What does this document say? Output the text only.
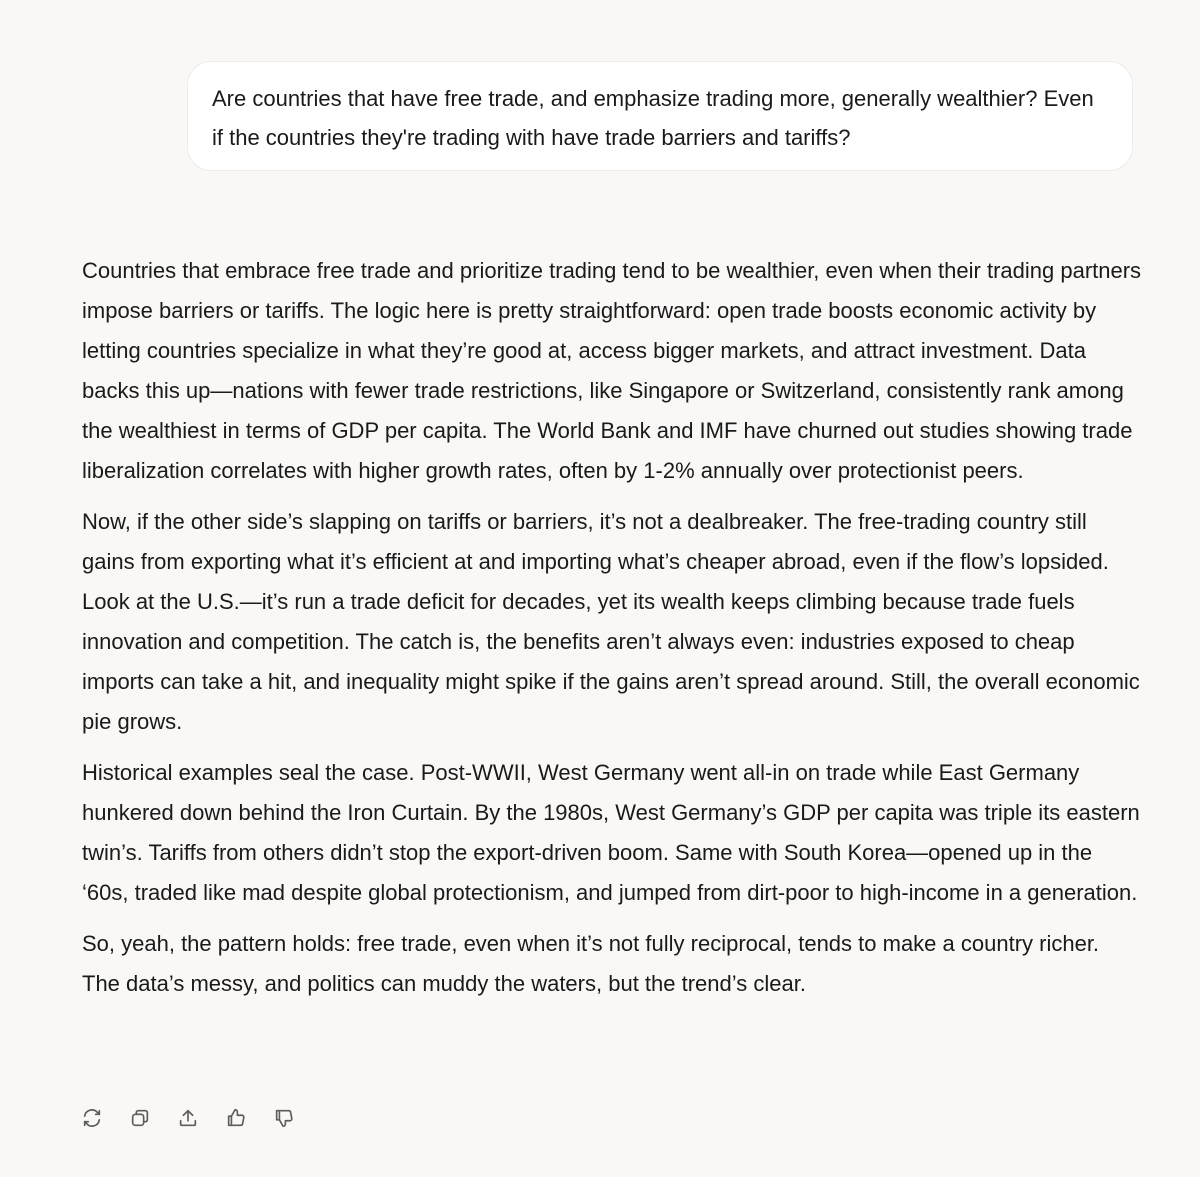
Are countries that have free trade, and emphasize trading more, generally wealthier? Even if the countries they're trading with have trade barriers and tariffs?

Countries that embrace free trade and prioritize trading tend to be wealthier, even when their trading partners impose barriers or tariffs. The logic here is pretty straightforward: open trade boosts economic activity by letting countries specialize in what they’re good at, access bigger markets, and attract investment. Data backs this up—nations with fewer trade restrictions, like Singapore or Switzerland, consistently rank among the wealthiest in terms of GDP per capita. The World Bank and IMF have churned out studies showing trade liberalization correlates with higher growth rates, often by 1-2% annually over protectionist peers.

Now, if the other side’s slapping on tariffs or barriers, it’s not a dealbreaker. The free-trading country still gains from exporting what it’s efficient at and importing what’s cheaper abroad, even if the flow’s lopsided. Look at the U.S.—it’s run a trade deficit for decades, yet its wealth keeps climbing because trade fuels innovation and competition. The catch is, the benefits aren’t always even: industries exposed to cheap imports can take a hit, and inequality might spike if the gains aren’t spread around. Still, the overall economic pie grows.

Historical examples seal the case. Post-WWII, West Germany went all-in on trade while East Germany hunkered down behind the Iron Curtain. By the 1980s, West Germany’s GDP per capita was triple its eastern twin’s. Tariffs from others didn’t stop the export-driven boom. Same with South Korea—opened up in the ‘60s, traded like mad despite global protectionism, and jumped from dirt-poor to high-income in a generation.

So, yeah, the pattern holds: free trade, even when it’s not fully reciprocal, tends to make a country richer. The data’s messy, and politics can muddy the waters, but the trend’s clear.
